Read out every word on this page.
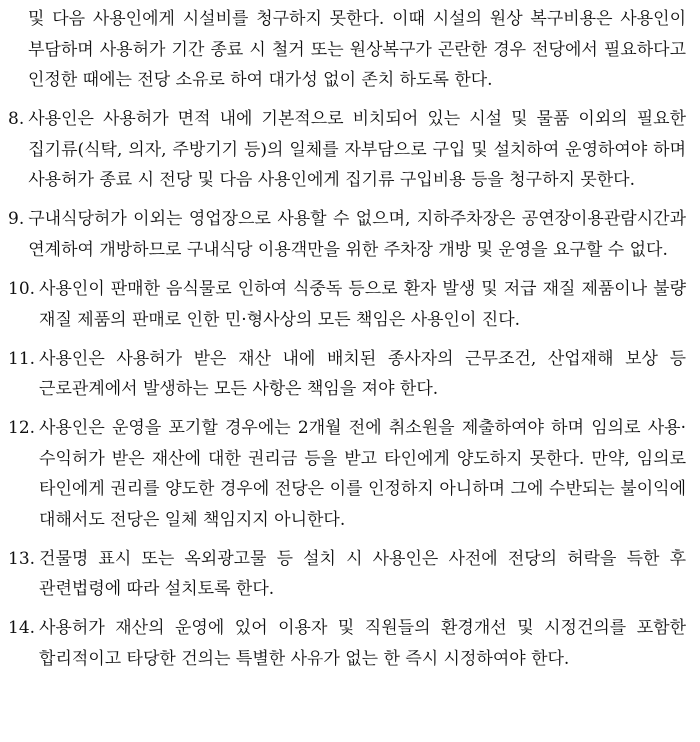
및 다음 사용인에게 시설비를 청구하지 못한다. 이때 시설의 원상 복구비용은 사용인이 부담하며 사용허가 기간 종료 시 철거 또는 원상복구가 곤란한 경우 전당에서 필요하다고 인정한 때에는 전당 소유로 하여 대가성 없이 존치 하도록 한다.
8. 사용인은 사용허가 면적 내에 기본적으로 비치되어 있는 시설 및 물품 이외의 필요한 집기류(식탁, 의자, 주방기기 등)의 일체를 자부담으로 구입 및 설치하여 운영하여야 하며 사용허가 종료 시 전당 및 다음 사용인에게 집기류 구입비용 등을 청구하지 못한다.
9. 구내식당허가 이외는 영업장으로 사용할 수 없으며, 지하주차장은 공연장이용관람시간과 연계하여 개방하므로 구내식당 이용객만을 위한 주차장 개방 및 운영을 요구할 수 없다.
10. 사용인이 판매한 음식물로 인하여 식중독 등으로 환자 발생 및 저급 재질 제품이나 불량 재질 제품의 판매로 인한 민·형사상의 모든 책임은 사용인이 진다.
11. 사용인은 사용허가 받은 재산 내에 배치된 종사자의 근무조건, 산업재해 보상 등 근로관계에서 발생하는 모든 사항은 책임을 져야 한다.
12. 사용인은 운영을 포기할 경우에는 2개월 전에 취소원을 제출하여야 하며 임의로 사용·수익허가 받은 재산에 대한 권리금 등을 받고 타인에게 양도하지 못한다. 만약, 임의로 타인에게 권리를 양도한 경우에 전당은 이를 인정하지 아니하며 그에 수반되는 불이익에 대해서도 전당은 일체 책임지지 아니한다.
13. 건물명 표시 또는 옥외광고물 등 설치 시 사용인은 사전에 전당의 허락을 득한 후 관련법령에 따라 설치토록 한다.
14. 사용허가 재산의 운영에 있어 이용자 및 직원들의 환경개선 및 시정건의를 포함한 합리적이고 타당한 건의는 특별한 사유가 없는 한 즉시 시정하여야 한다.
